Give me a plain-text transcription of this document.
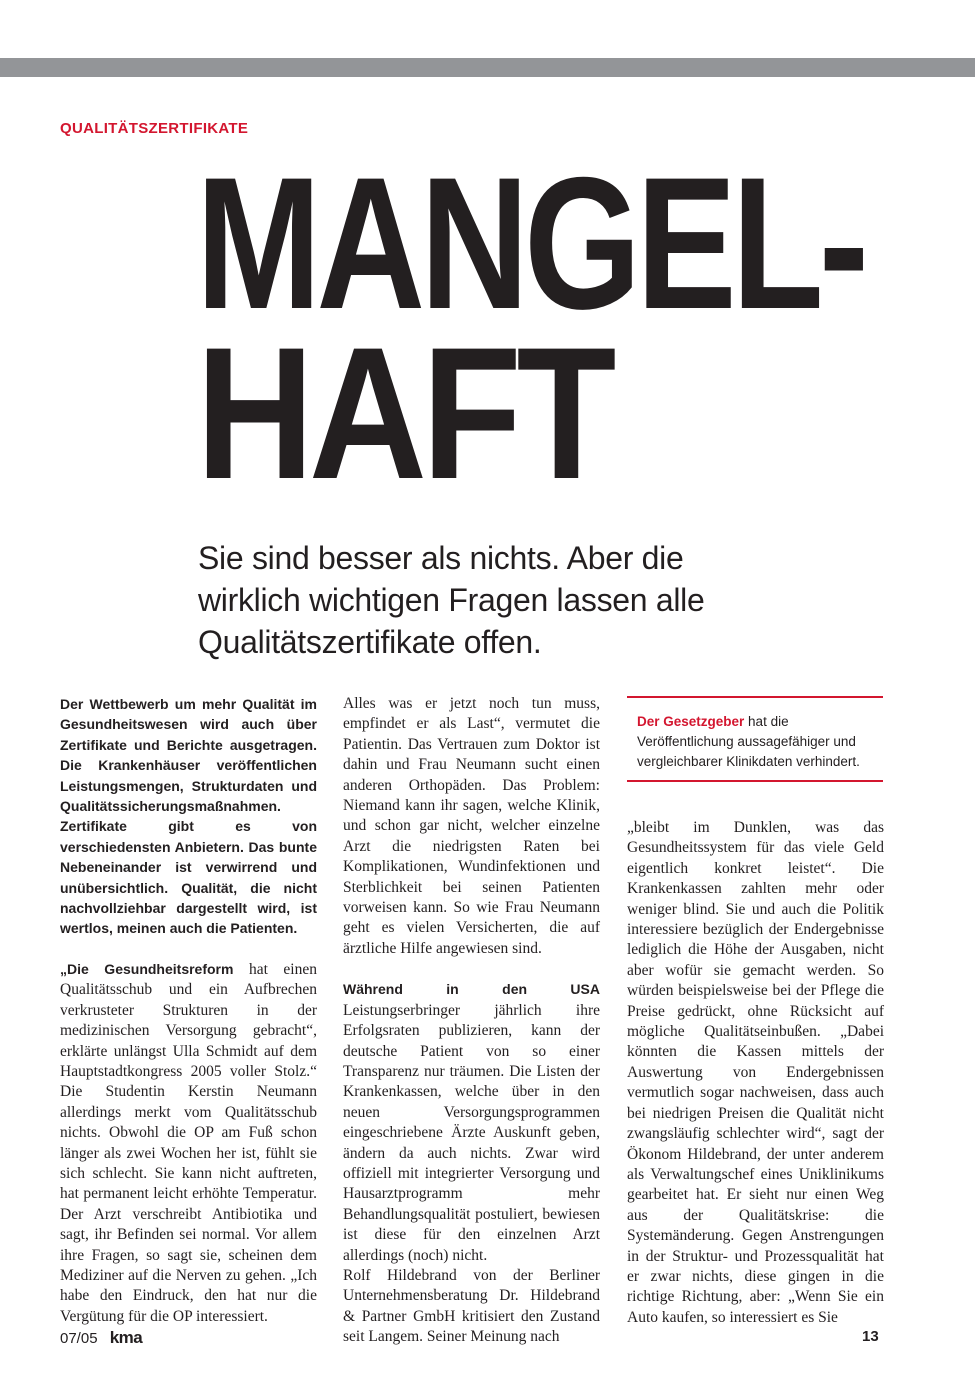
QUALITÄTSZERTIFIKATE
MANGEL-
HAFT
Sie sind besser als nichts. Aber die
wirklich wichtigen Fragen lassen alle
Qualitätszertifikate offen.

Der Wettbewerb um mehr Qualität im Gesundheitswesen wird auch über Zertifikate und Berichte ausgetragen. Die Krankenhäuser veröffentlichen Leistungsmengen, Strukturdaten und Qualitätssicherungsmaßnahmen. Zertifikate gibt es von verschiedensten Anbietern. Das bunte Nebeneinander ist verwirrend und unübersichtlich. Qualität, die nicht nachvollziehbar dargestellt wird, ist wertlos, meinen auch die Patienten.

„Die Gesundheitsreform hat einen Qualitätsschub und ein Aufbrechen verkrusteter Strukturen in der medizinischen Versorgung gebracht“, erklärte unlängst Ulla Schmidt auf dem Hauptstadtkongress 2005 voller Stolz.“ Die Studentin Kerstin Neumann allerdings merkt vom Qualitätsschub nichts. Obwohl die OP am Fuß schon länger als zwei Wochen her ist, fühlt sie sich schlecht. Sie kann nicht auftreten, hat permanent leicht erhöhte Temperatur. Der Arzt verschreibt Antibiotika und sagt, ihr Befinden sei normal. Vor allem ihre Fragen, so sagt sie, scheinen dem Mediziner auf die Nerven zu gehen. „Ich habe den Eindruck, den hat nur die Vergütung für die OP interessiert.

Alles was er jetzt noch tun muss, empfindet er als Last“, vermutet die Patientin. Das Vertrauen zum Doktor ist dahin und Frau Neumann sucht einen anderen Orthopäden. Das Problem: Niemand kann ihr sagen, welche Klinik, und schon gar nicht, welcher einzelne Arzt die niedrigsten Raten bei Komplikationen, Wundinfektionen und Sterblichkeit bei seinen Patienten vorweisen kann. So wie Frau Neumann geht es vielen Versicherten, die auf ärztliche Hilfe angewiesen sind.

Während in den USA Leistungserbringer jährlich ihre Erfolgsraten publizieren, kann der deutsche Patient von so einer Transparenz nur träumen. Die Listen der Krankenkassen, welche über in den neuen Versorgungsprogrammen eingeschriebene Ärzte Auskunft geben, ändern da auch nichts. Zwar wird offiziell mit integrierter Versorgung und Hausarztprogramm mehr Behandlungsqualität postuliert, bewiesen ist diese für den einzelnen Arzt allerdings (noch) nicht.

Rolf Hildebrand von der Berliner Unternehmensberatung Dr. Hildebrand & Partner GmbH kritisiert den Zustand seit Langem. Seiner Meinung nach

Der Gesetzgeber hat die Veröffentlichung aussagefähiger und vergleichbarer Klinikdaten verhindert.

„bleibt im Dunklen, was das Gesundheitssystem für das viele Geld eigentlich konkret leistet“. Die Krankenkassen zahlten mehr oder weniger blind. Sie und auch die Politik interessiere bezüglich der Endergebnisse lediglich die Höhe der Ausgaben, nicht aber wofür sie gemacht werden. So würden beispielsweise bei der Pflege die Preise gedrückt, ohne Rücksicht auf mögliche Qualitätseinbußen. „Dabei könnten die Kassen mittels der Auswertung von Endergebnissen vermutlich sogar nachweisen, dass auch bei niedrigen Preisen die Qualität nicht zwangsläufig schlechter wird“, sagt der Ökonom Hildebrand, der unter anderem als Verwaltungschef eines Uniklinikums gearbeitet hat. Er sieht nur einen Weg aus der Qualitätskrise: die Systemänderung. Gegen Anstrengungen in der Struktur- und Prozessqualität hat er zwar nichts, diese gingen in die richtige Richtung, aber: „Wenn Sie ein Auto kaufen, so interessiert es Sie

07/05 kma	13
